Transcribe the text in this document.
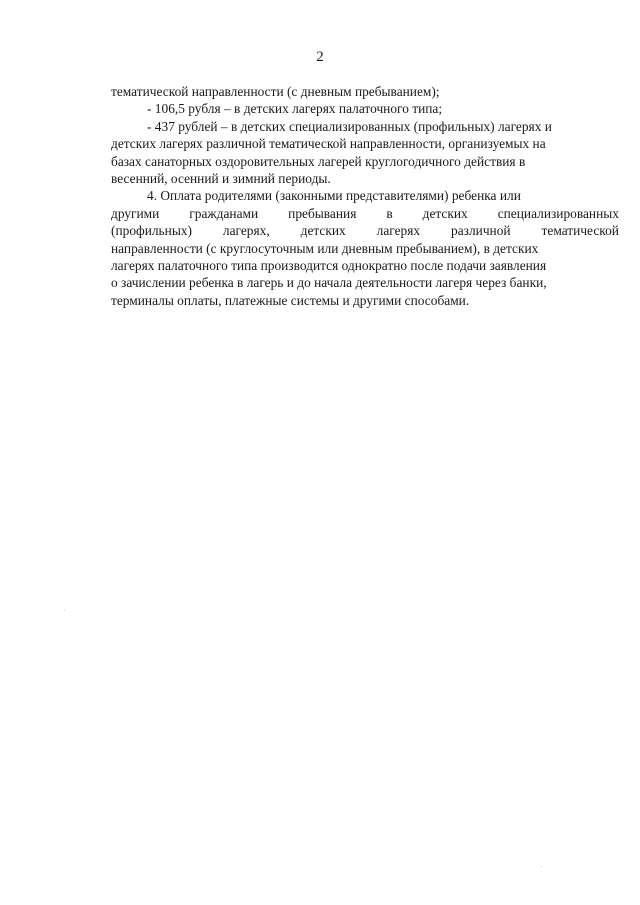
2
тематической направленности (с дневным пребыванием);
- 106,5 рубля – в детских лагерях палаточного типа;
- 437 рублей – в детских специализированных (профильных) лагерях и
детских лагерях различной тематической направленности, организуемых на
базах санаторных оздоровительных лагерей круглогодичного действия в
весенний, осенний и зимний периоды.
4. Оплата родителями (законными представителями) ребенка или
другими гражданами пребывания в детских специализированных
(профильных) лагерях, детских лагерях различной тематической
направленности (с круглосуточным или дневным пребыванием), в детских
лагерях палаточного типа производится однократно после подачи заявления
о зачислении ребенка в лагерь и до начала деятельности лагеря через банки,
терминалы оплаты, платежные системы и другими способами.
